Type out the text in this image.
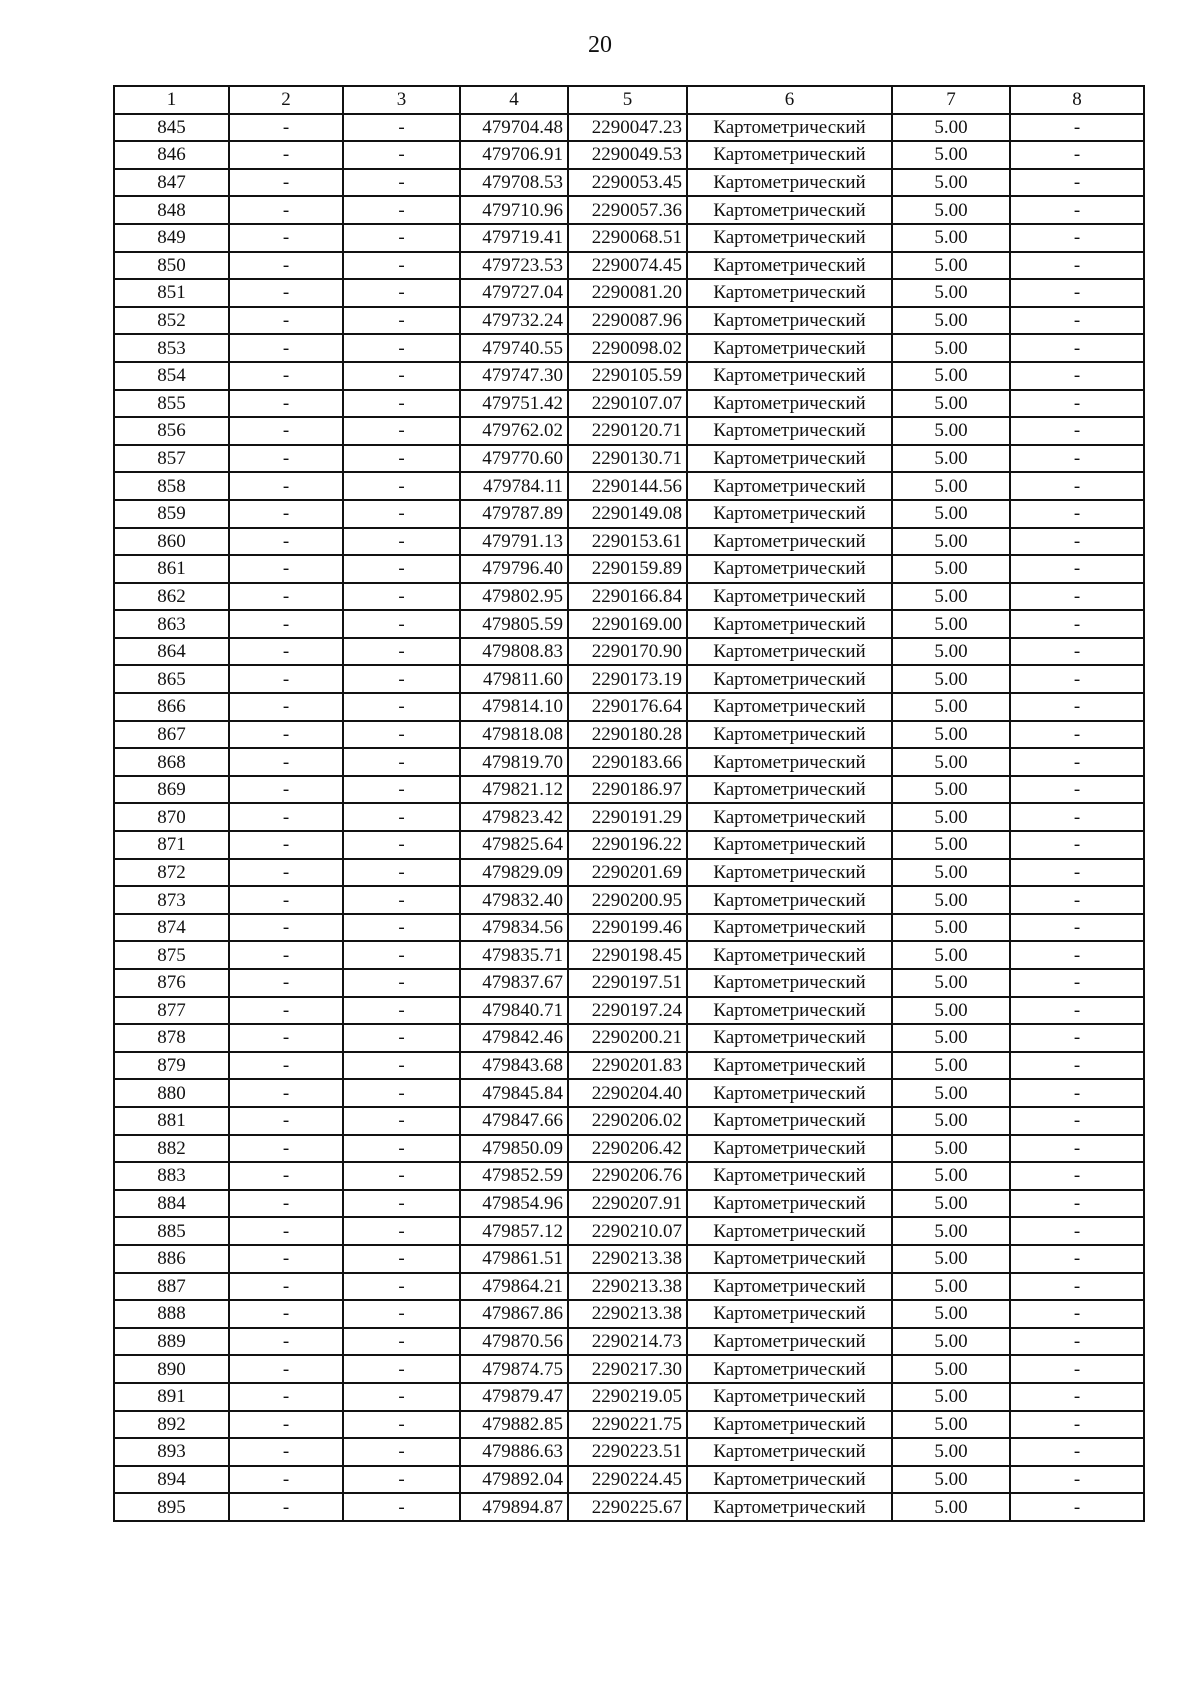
20
1	2	3	4	5	6	7	8
845	-	-	479704.48	2290047.23	Картометрический	5.00	-
846	-	-	479706.91	2290049.53	Картометрический	5.00	-
847	-	-	479708.53	2290053.45	Картометрический	5.00	-
848	-	-	479710.96	2290057.36	Картометрический	5.00	-
849	-	-	479719.41	2290068.51	Картометрический	5.00	-
850	-	-	479723.53	2290074.45	Картометрический	5.00	-
851	-	-	479727.04	2290081.20	Картометрический	5.00	-
852	-	-	479732.24	2290087.96	Картометрический	5.00	-
853	-	-	479740.55	2290098.02	Картометрический	5.00	-
854	-	-	479747.30	2290105.59	Картометрический	5.00	-
855	-	-	479751.42	2290107.07	Картометрический	5.00	-
856	-	-	479762.02	2290120.71	Картометрический	5.00	-
857	-	-	479770.60	2290130.71	Картометрический	5.00	-
858	-	-	479784.11	2290144.56	Картометрический	5.00	-
859	-	-	479787.89	2290149.08	Картометрический	5.00	-
860	-	-	479791.13	2290153.61	Картометрический	5.00	-
861	-	-	479796.40	2290159.89	Картометрический	5.00	-
862	-	-	479802.95	2290166.84	Картометрический	5.00	-
863	-	-	479805.59	2290169.00	Картометрический	5.00	-
864	-	-	479808.83	2290170.90	Картометрический	5.00	-
865	-	-	479811.60	2290173.19	Картометрический	5.00	-
866	-	-	479814.10	2290176.64	Картометрический	5.00	-
867	-	-	479818.08	2290180.28	Картометрический	5.00	-
868	-	-	479819.70	2290183.66	Картометрический	5.00	-
869	-	-	479821.12	2290186.97	Картометрический	5.00	-
870	-	-	479823.42	2290191.29	Картометрический	5.00	-
871	-	-	479825.64	2290196.22	Картометрический	5.00	-
872	-	-	479829.09	2290201.69	Картометрический	5.00	-
873	-	-	479832.40	2290200.95	Картометрический	5.00	-
874	-	-	479834.56	2290199.46	Картометрический	5.00	-
875	-	-	479835.71	2290198.45	Картометрический	5.00	-
876	-	-	479837.67	2290197.51	Картометрический	5.00	-
877	-	-	479840.71	2290197.24	Картометрический	5.00	-
878	-	-	479842.46	2290200.21	Картометрический	5.00	-
879	-	-	479843.68	2290201.83	Картометрический	5.00	-
880	-	-	479845.84	2290204.40	Картометрический	5.00	-
881	-	-	479847.66	2290206.02	Картометрический	5.00	-
882	-	-	479850.09	2290206.42	Картометрический	5.00	-
883	-	-	479852.59	2290206.76	Картометрический	5.00	-
884	-	-	479854.96	2290207.91	Картометрический	5.00	-
885	-	-	479857.12	2290210.07	Картометрический	5.00	-
886	-	-	479861.51	2290213.38	Картометрический	5.00	-
887	-	-	479864.21	2290213.38	Картометрический	5.00	-
888	-	-	479867.86	2290213.38	Картометрический	5.00	-
889	-	-	479870.56	2290214.73	Картометрический	5.00	-
890	-	-	479874.75	2290217.30	Картометрический	5.00	-
891	-	-	479879.47	2290219.05	Картометрический	5.00	-
892	-	-	479882.85	2290221.75	Картометрический	5.00	-
893	-	-	479886.63	2290223.51	Картометрический	5.00	-
894	-	-	479892.04	2290224.45	Картометрический	5.00	-
895	-	-	479894.87	2290225.67	Картометрический	5.00	-
